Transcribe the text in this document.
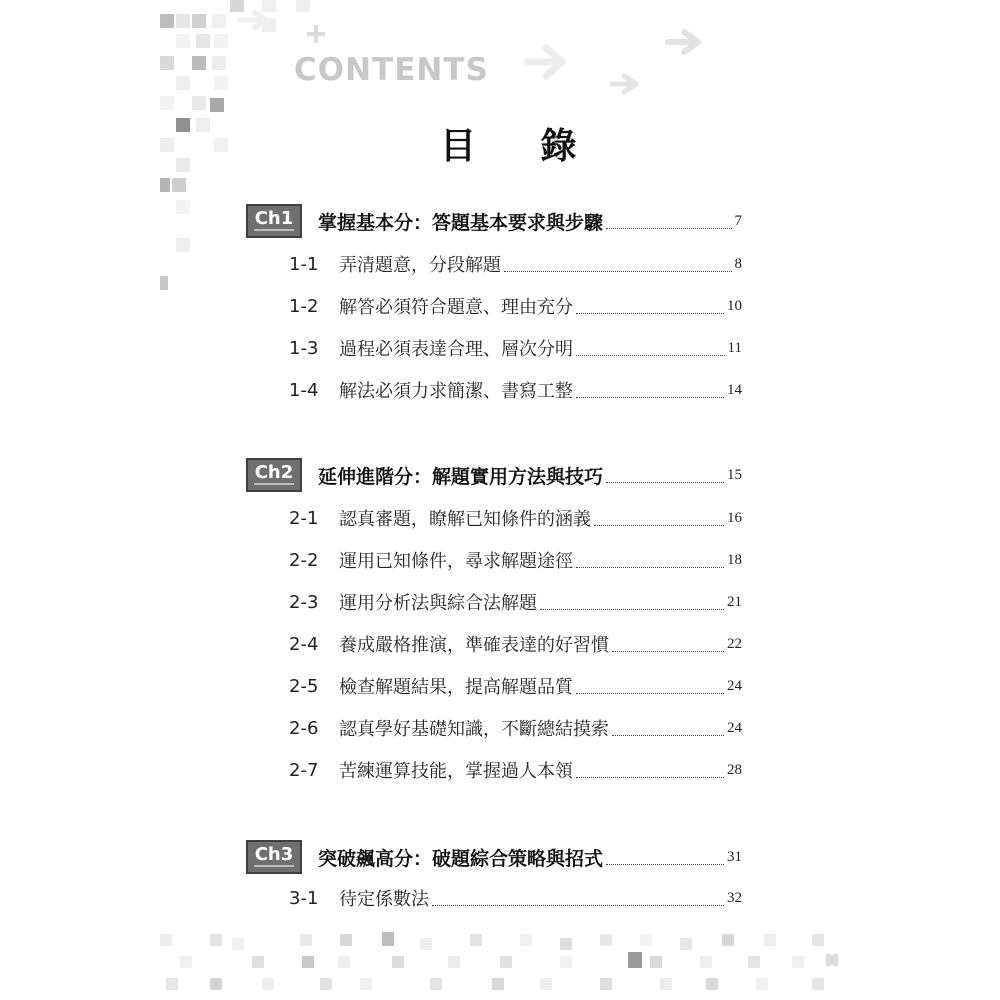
CONTENTS
目 錄
Ch1	掌握基本分：答題基本要求與步驟	7
1-1	弄清題意，分段解題	8
1-2	解答必須符合題意、理由充分	10
1-3	過程必須表達合理、層次分明	11
1-4	解法必須力求簡潔、書寫工整	14
Ch2	延伸進階分：解題實用方法與技巧	15
2-1	認真審題，瞭解已知條件的涵義	16
2-2	運用已知條件，尋求解題途徑	18
2-3	運用分析法與綜合法解題	21
2-4	養成嚴格推演，準確表達的好習慣	22
2-5	檢查解題結果，提高解題品質	24
2-6	認真學好基礎知識，不斷總結摸索	24
2-7	苦練運算技能，掌握過人本領	28
Ch3	突破飆高分：破題綜合策略與招式	31
3-1	待定係數法	32
